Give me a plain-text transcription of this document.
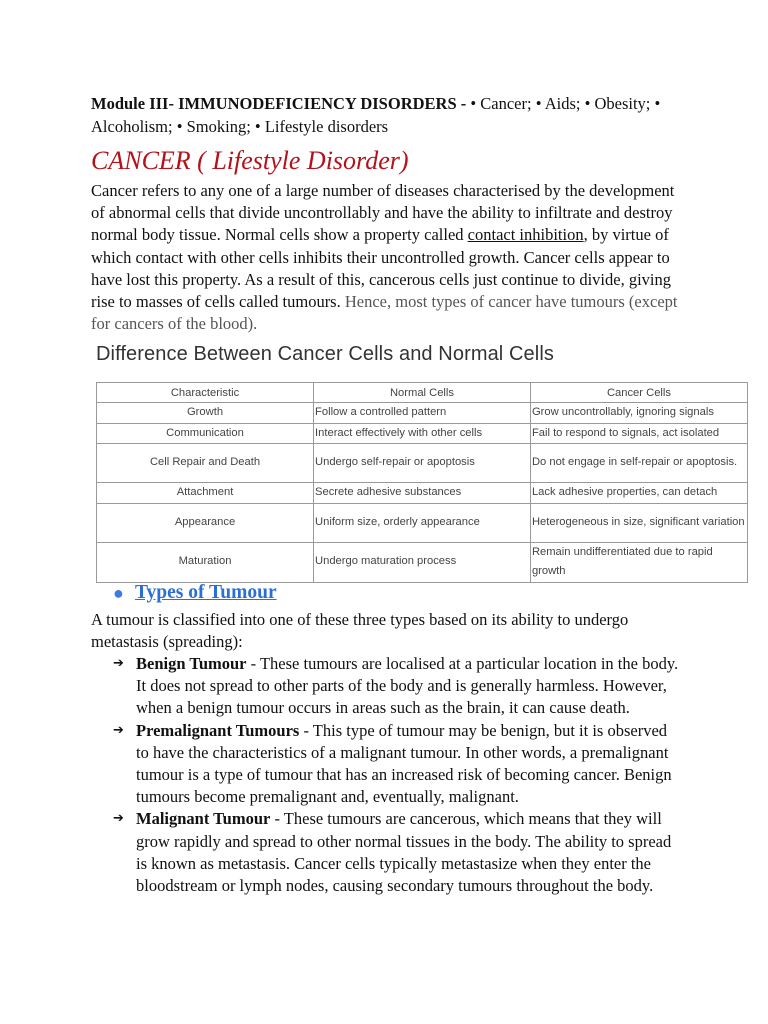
Module III- IMMUNODEFICIENCY DISORDERS - • Cancer; • Aids; • Obesity; • Alcoholism; • Smoking; • Lifestyle disorders

CANCER ( Lifestyle Disorder)

Cancer refers to any one of a large number of diseases characterised by the development of abnormal cells that divide uncontrollably and have the ability to infiltrate and destroy normal body tissue. Normal cells show a property called contact inhibition, by virtue of which contact with other cells inhibits their uncontrolled growth. Cancer cells appear to have lost this property. As a result of this, cancerous cells just continue to divide, giving rise to masses of cells called tumours. Hence, most types of cancer have tumours (except for cancers of the blood).

Difference Between Cancer Cells and Normal Cells
Characteristic	Normal Cells	Cancer Cells
Growth	Follow a controlled pattern	Grow uncontrollably, ignoring signals
Communication	Interact effectively with other cells	Fail to respond to signals, act isolated
Cell Repair and Death	Undergo self-repair or apoptosis	Do not engage in self-repair or apoptosis.
Attachment	Secrete adhesive substances	Lack adhesive properties, can detach
Appearance	Uniform size, orderly appearance	Heterogeneous in size, significant variation
Maturation	Undergo maturation process	Remain undifferentiated due to rapid growth
● Types of Tumour

A tumour is classified into one of these three types based on its ability to undergo metastasis (spreading):

➔ Benign Tumour - These tumours are localised at a particular location in the body. It does not spread to other parts of the body and is generally harmless. However, when a benign tumour occurs in areas such as the brain, it can cause death.
➔ Premalignant Tumours - This type of tumour may be benign, but it is observed to have the characteristics of a malignant tumour. In other words, a premalignant tumour is a type of tumour that has an increased risk of becoming cancer. Benign tumours become premalignant and, eventually, malignant.
➔ Malignant Tumour - These tumours are cancerous, which means that they will grow rapidly and spread to other normal tissues in the body. The ability to spread is known as metastasis. Cancer cells typically metastasize when they enter the bloodstream or lymph nodes, causing secondary tumours throughout the body.
